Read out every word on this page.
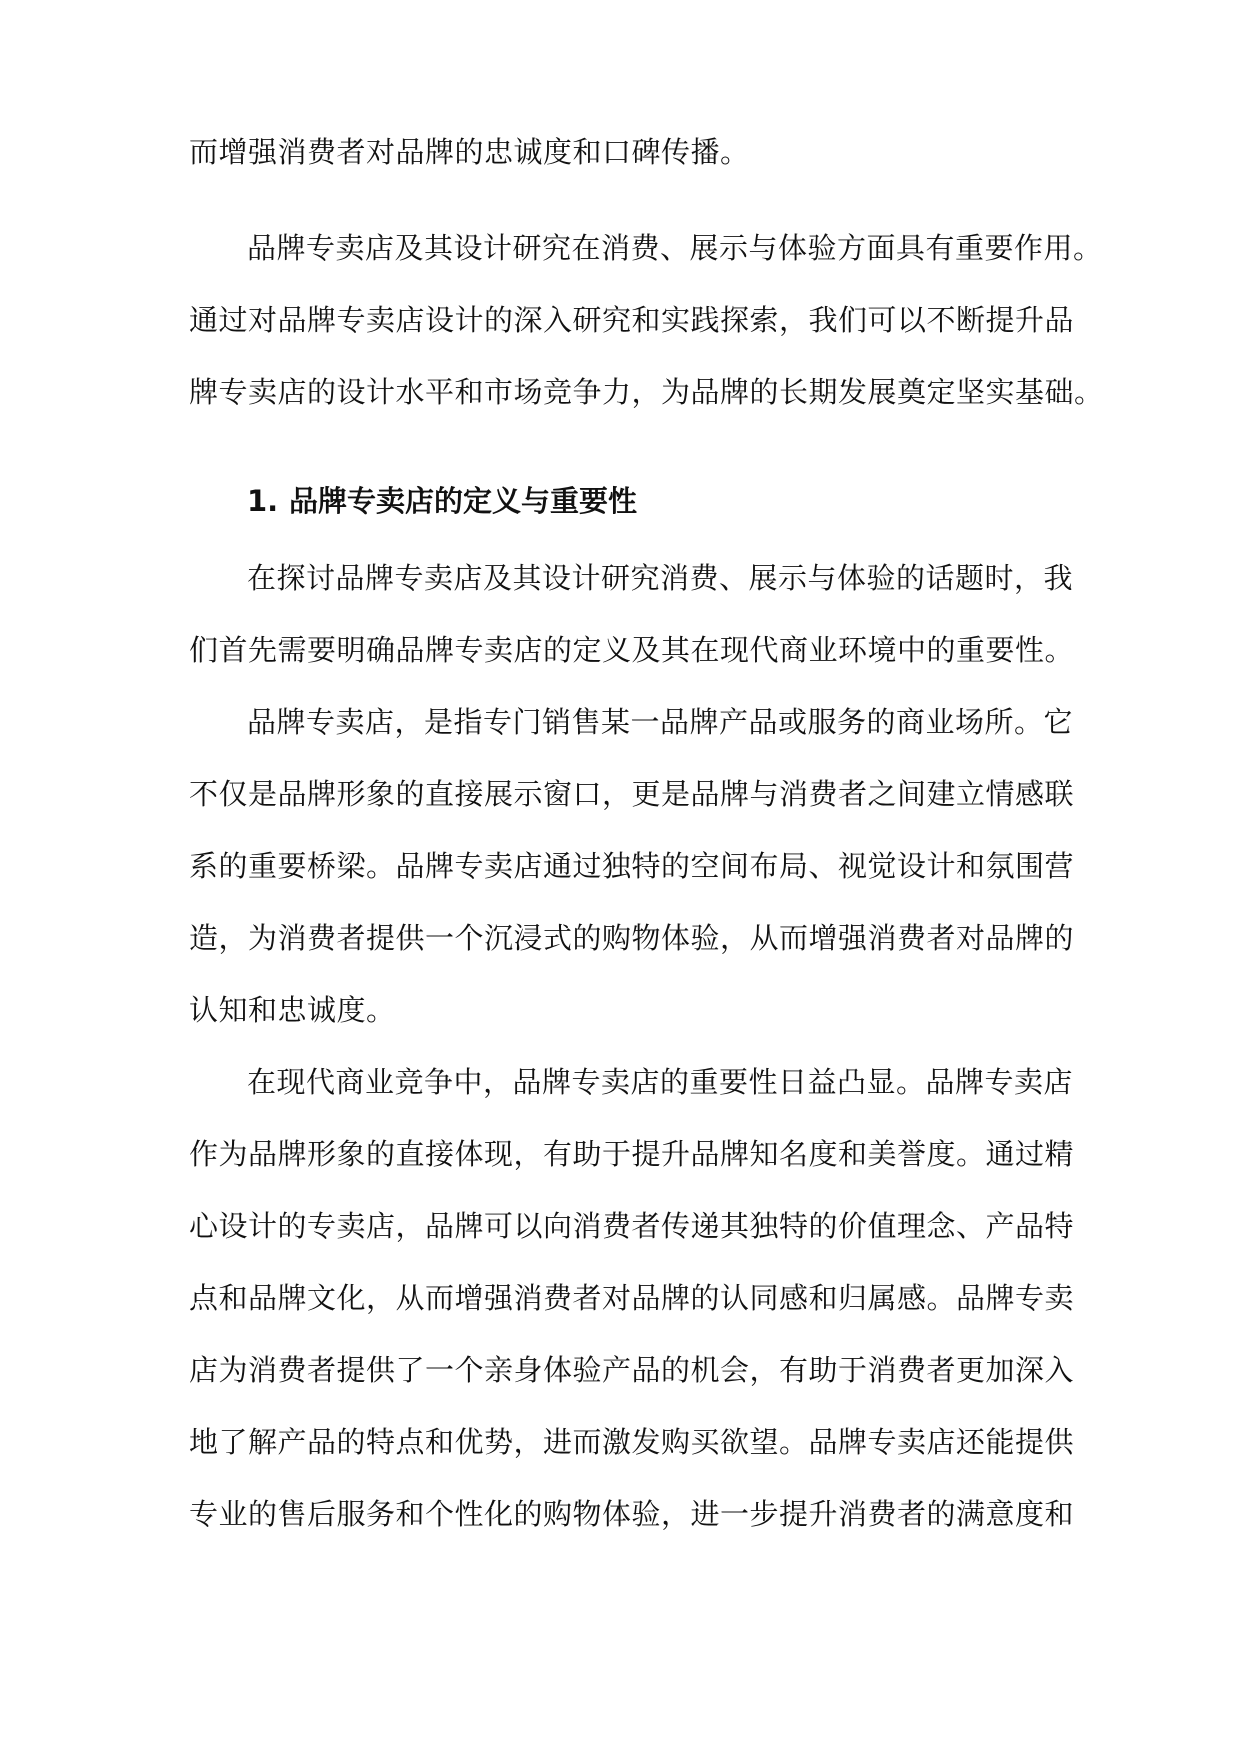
而增强消费者对品牌的忠诚度和口碑传播。
品牌专卖店及其设计研究在消费、展示与体验方面具有重要作用。
通过对品牌专卖店设计的深入研究和实践探索，我们可以不断提升品
牌专卖店的设计水平和市场竞争力，为品牌的长期发展奠定坚实基础。
1. 品牌专卖店的定义与重要性
在探讨品牌专卖店及其设计研究消费、展示与体验的话题时，我
们首先需要明确品牌专卖店的定义及其在现代商业环境中的重要性。
品牌专卖店，是指专门销售某一品牌产品或服务的商业场所。它
不仅是品牌形象的直接展示窗口，更是品牌与消费者之间建立情感联
系的重要桥梁。品牌专卖店通过独特的空间布局、视觉设计和氛围营
造，为消费者提供一个沉浸式的购物体验，从而增强消费者对品牌的
认知和忠诚度。
在现代商业竞争中，品牌专卖店的重要性日益凸显。品牌专卖店
作为品牌形象的直接体现，有助于提升品牌知名度和美誉度。通过精
心设计的专卖店，品牌可以向消费者传递其独特的价值理念、产品特
点和品牌文化，从而增强消费者对品牌的认同感和归属感。品牌专卖
店为消费者提供了一个亲身体验产品的机会，有助于消费者更加深入
地了解产品的特点和优势，进而激发购买欲望。品牌专卖店还能提供
专业的售后服务和个性化的购物体验，进一步提升消费者的满意度和
